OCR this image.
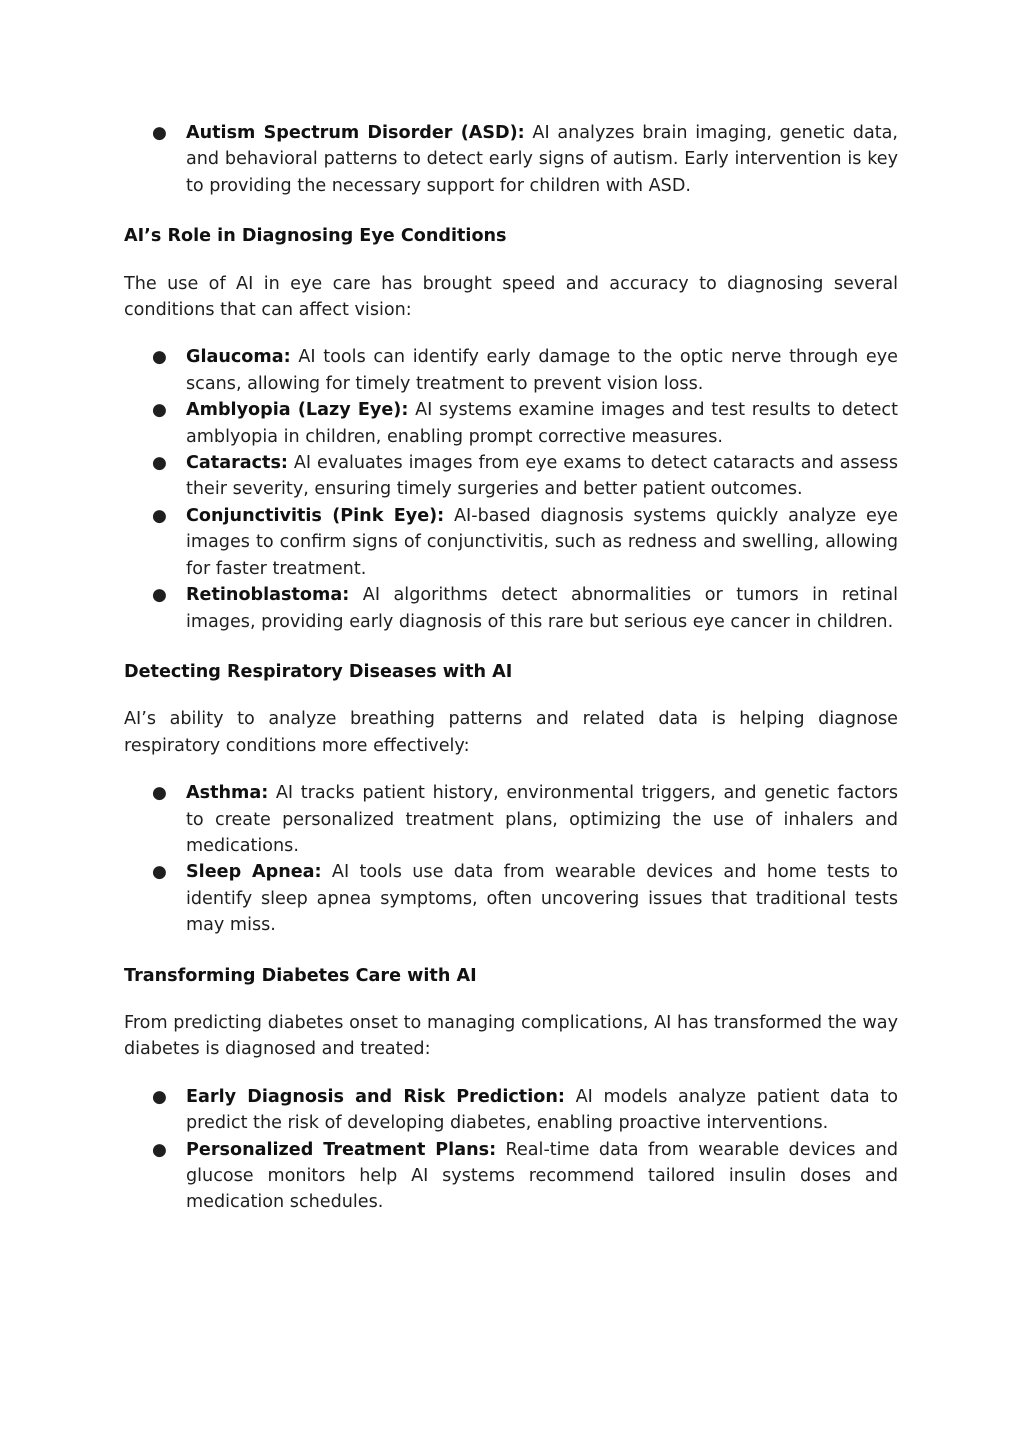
● Autism Spectrum Disorder (ASD): AI analyzes brain imaging, genetic data, and behavioral patterns to detect early signs of autism. Early intervention is key to providing the necessary support for children with ASD.

AI’s Role in Diagnosing Eye Conditions

The use of AI in eye care has brought speed and accuracy to diagnosing several conditions that can affect vision:

● Glaucoma: AI tools can identify early damage to the optic nerve through eye scans, allowing for timely treatment to prevent vision loss.
● Amblyopia (Lazy Eye): AI systems examine images and test results to detect amblyopia in children, enabling prompt corrective measures.
● Cataracts: AI evaluates images from eye exams to detect cataracts and assess their severity, ensuring timely surgeries and better patient outcomes.
● Conjunctivitis (Pink Eye): AI-based diagnosis systems quickly analyze eye images to confirm signs of conjunctivitis, such as redness and swelling, allowing for faster treatment.
● Retinoblastoma: AI algorithms detect abnormalities or tumors in retinal images, providing early diagnosis of this rare but serious eye cancer in children.

Detecting Respiratory Diseases with AI

AI’s ability to analyze breathing patterns and related data is helping diagnose respiratory conditions more effectively:

● Asthma: AI tracks patient history, environmental triggers, and genetic factors to create personalized treatment plans, optimizing the use of inhalers and medications.
● Sleep Apnea: AI tools use data from wearable devices and home tests to identify sleep apnea symptoms, often uncovering issues that traditional tests may miss.

Transforming Diabetes Care with AI

From predicting diabetes onset to managing complications, AI has transformed the way diabetes is diagnosed and treated:

● Early Diagnosis and Risk Prediction: AI models analyze patient data to predict the risk of developing diabetes, enabling proactive interventions.
● Personalized Treatment Plans: Real-time data from wearable devices and glucose monitors help AI systems recommend tailored insulin doses and medication schedules.
